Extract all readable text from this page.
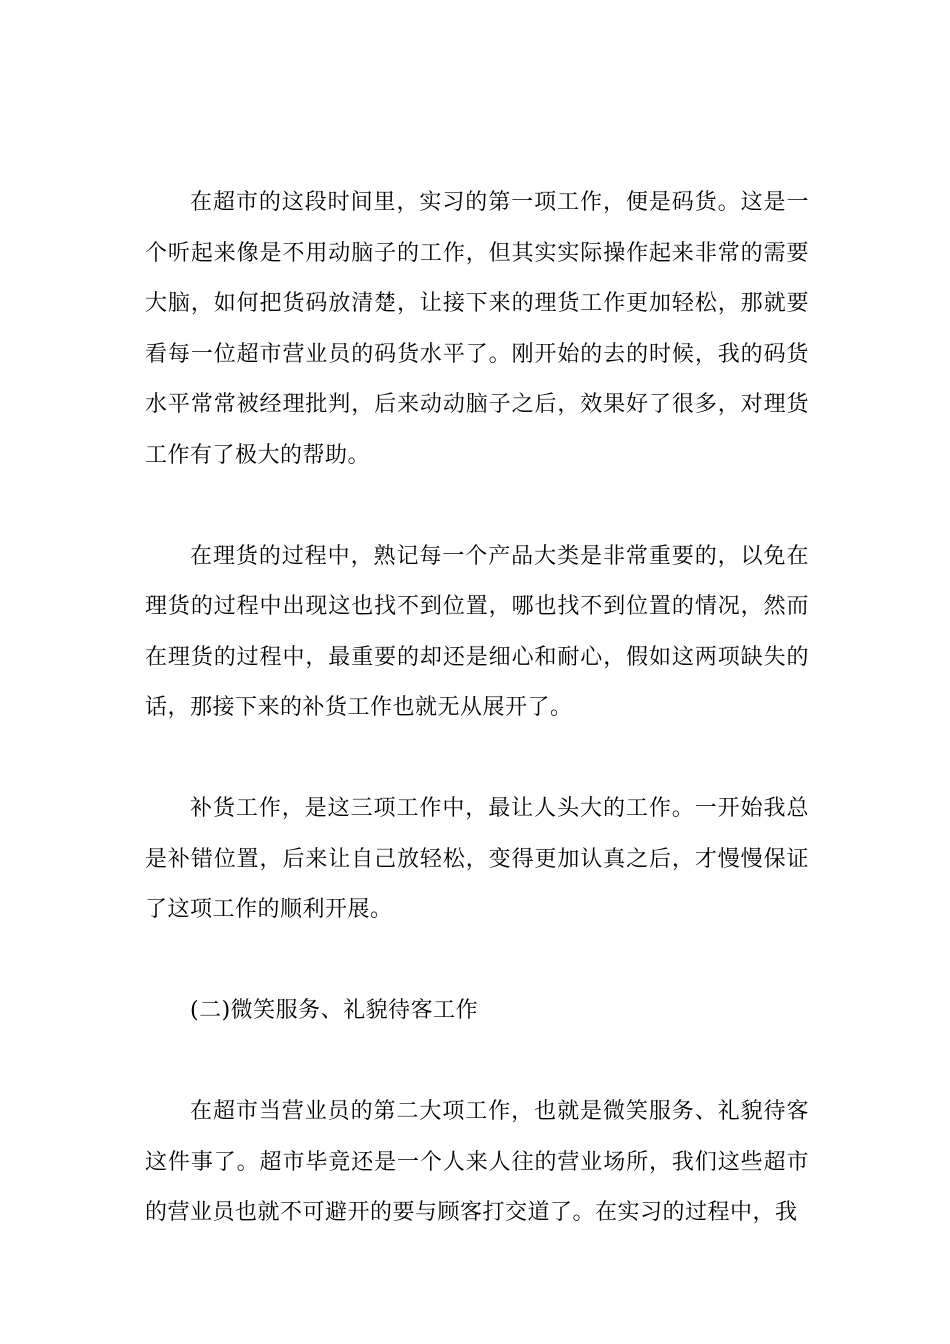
在超市的这段时间里，实习的第一项工作，便是码货。这是一个听起来像是不用动脑子的工作，但其实实际操作起来非常的需要大脑，如何把货码放清楚，让接下来的理货工作更加轻松，那就要看每一位超市营业员的码货水平了。刚开始的去的时候，我的码货水平常常被经理批判，后来动动脑子之后，效果好了很多，对理货工作有了极大的帮助。

在理货的过程中，熟记每一个产品大类是非常重要的，以免在理货的过程中出现这也找不到位置，哪也找不到位置的情况，然而在理货的过程中，最重要的却还是细心和耐心，假如这两项缺失的话，那接下来的补货工作也就无从展开了。

补货工作，是这三项工作中，最让人头大的工作。一开始我总是补错位置，后来让自己放轻松，变得更加认真之后，才慢慢保证了这项工作的顺利开展。

(二)微笑服务、礼貌待客工作

在超市当营业员的第二大项工作，也就是微笑服务、礼貌待客这件事了。超市毕竟还是一个人来人往的营业场所，我们这些超市的营业员也就不可避开的要与顾客打交道了。在实习的过程中，我
